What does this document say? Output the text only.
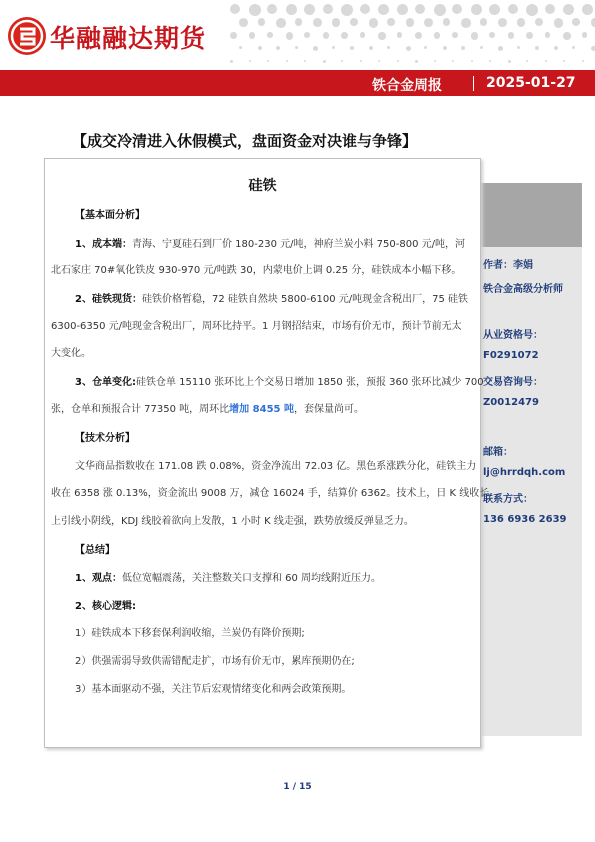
华融融达期货
铁合金周报	2025-01-27
【成交冷清进入休假模式，盘面资金对决谁与争锋】
硅铁
【基本面分析】
1、成本端：青海、宁夏硅石到厂价 180-230 元/吨，神府兰炭小料 750-800 元/吨，河
北石家庄 70#氧化铁皮 930-970 元/吨跌 30，内蒙电价上调 0.25 分，硅铁成本小幅下移。
2、硅铁现货：硅铁价格暂稳，72 硅铁自然块 5800-6100 元/吨现金含税出厂，75 硅铁
6300-6350 元/吨现金含税出厂，周环比持平。1 月钢招结束，市场有价无市，预计节前无太
大变化。
3、仓单变化:硅铁仓单 15110 张环比上个交易日增加 1850 张，预报 360 张环比减少 700
张，仓单和预报合计 77350 吨，周环比增加 8455 吨，套保量尚可。
【技术分析】
文华商品指数收在 171.08 跌 0.08%，资金净流出 72.03 亿。黑色系涨跌分化，硅铁主力
收在 6358 涨 0.13%，资金流出 9008 万，减仓 16024 手，结算价 6362。技术上，日 K 线收长
上引线小阴线，KDJ 线胶着欲向上发散，1 小时 K 线走强，跌势放缓反弹显乏力。
【总结】
1、观点：低位宽幅震荡，关注整数关口支撑和 60 周均线附近压力。
2、核心逻辑:
1）硅铁成本下移套保利润收缩，兰炭仍有降价预期;
2）供强需弱导致供需错配走扩，市场有价无市，累库预期仍在;
3）基本面驱动不强，关注节后宏观情绪变化和两会政策预期。
作者：李娟
铁合金高级分析师
从业资格号：
F0291072
交易咨询号：
Z0012479
邮箱：
lj@hrrdqh.com
联系方式：
136 6936 2639
1 / 15
